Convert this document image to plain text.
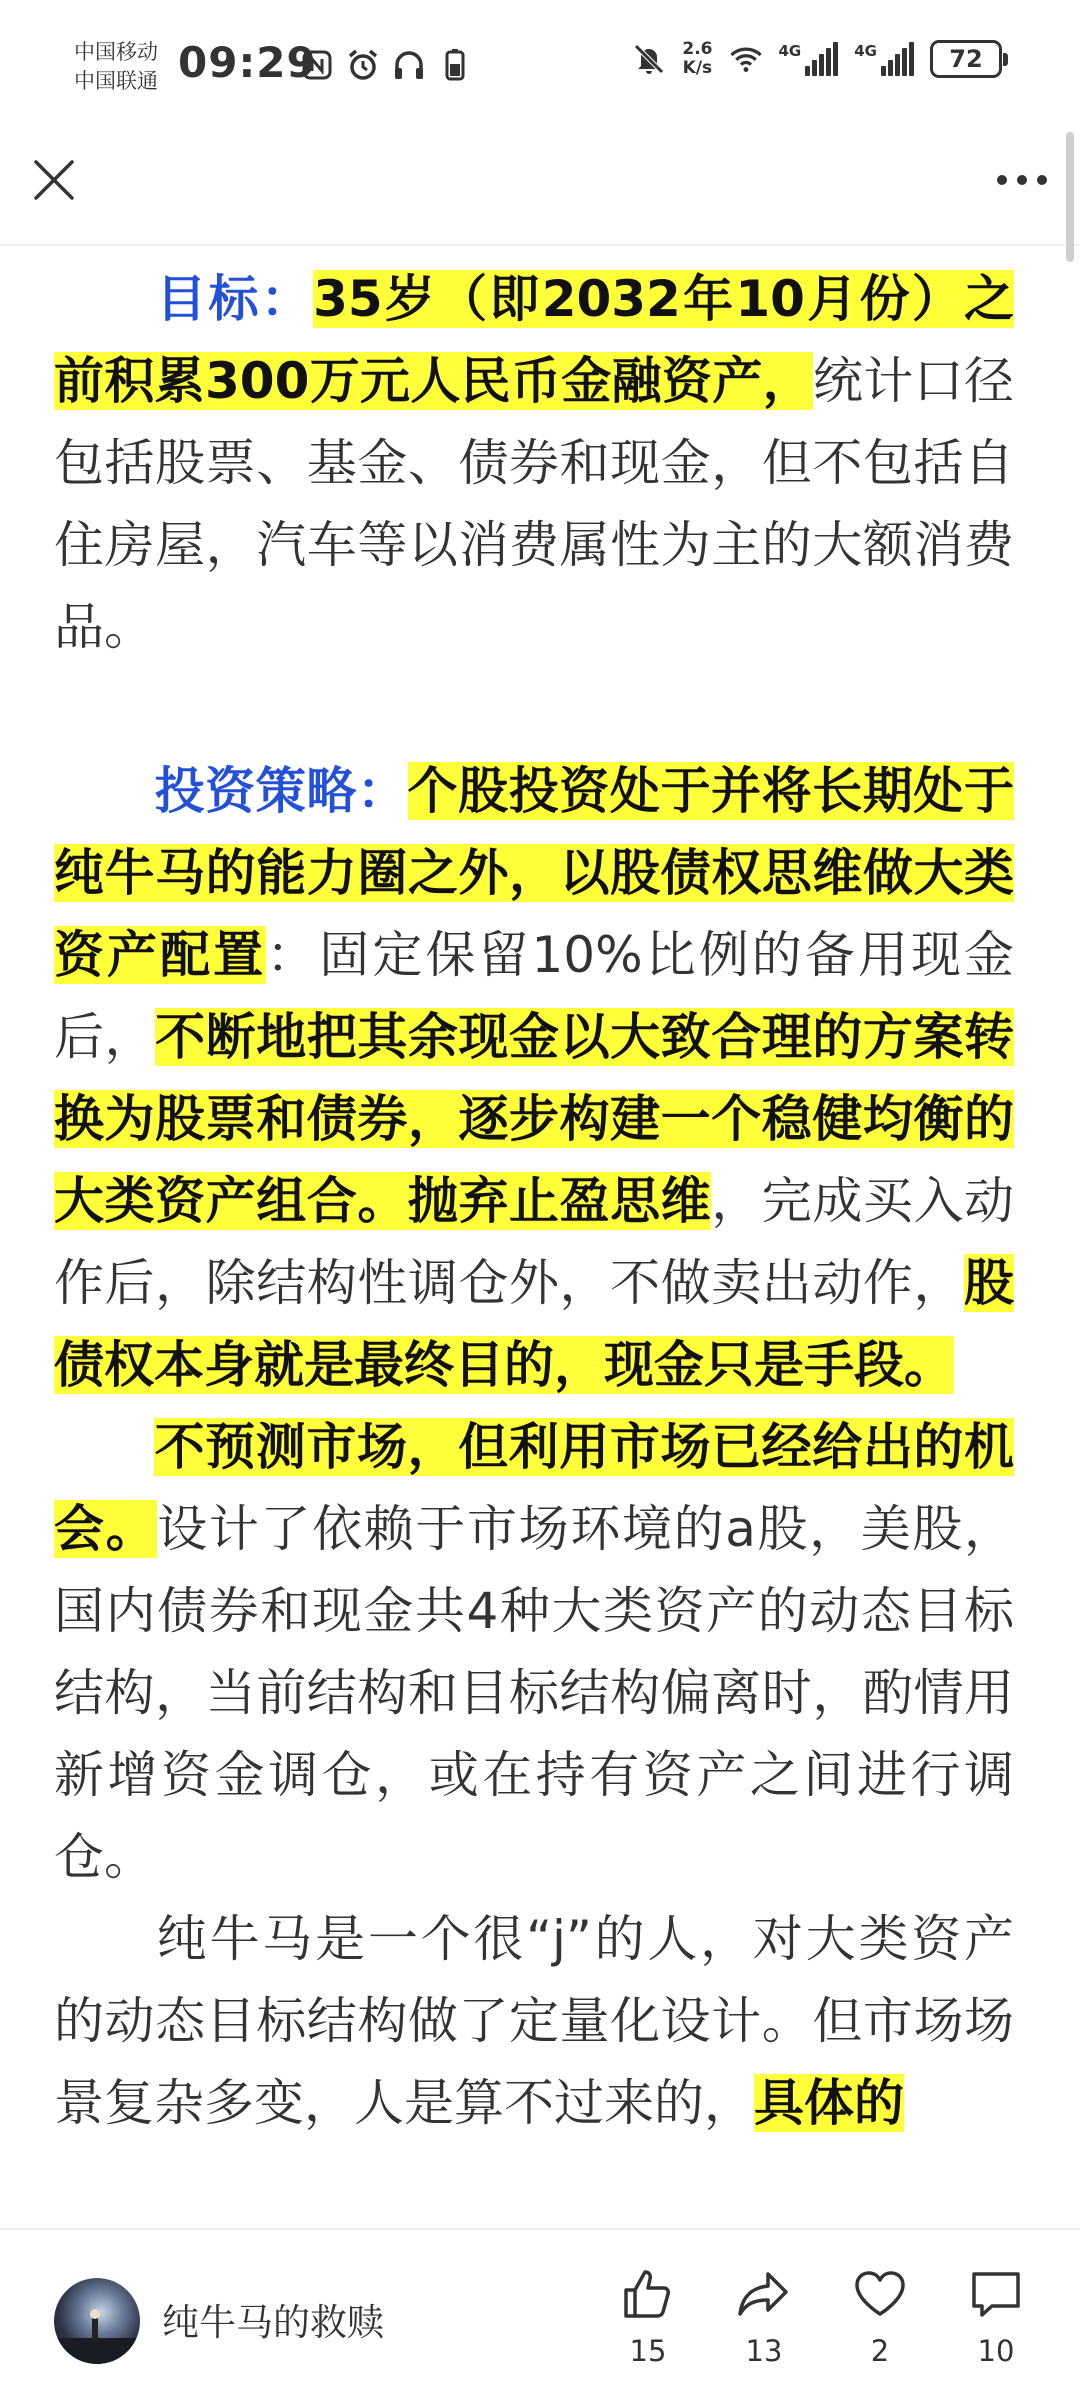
中国移动
中国联通 09:29	2.6
K/s
4G	4G	72

目标：35岁（即2032年10月份）之前积累300万元人民币金融资产，统计口径包括股票、基金、债券和现金，但不包括自住房屋，汽车等以消费属性为主的大额消费品。

投资策略：个股投资处于并将长期处于纯牛马的能力圈之外，以股债权思维做大类资产配置：固定保留10%比例的备用现金后，不断地把其余现金以大致合理的方案转换为股票和债券，逐步构建一个稳健均衡的大类资产组合。抛弃止盈思维，完成买入动作后，除结构性调仓外，不做卖出动作，股债权本身就是最终目的，现金只是手段。

不预测市场，但利用市场已经给出的机会。设计了依赖于市场环境的a股，美股，国内债券和现金共4种大类资产的动态目标结构，当前结构和目标结构偏离时，酌情用新增资金调仓，或在持有资产之间进行调仓。

纯牛马是一个很“j”的人，对大类资产的动态目标结构做了定量化设计。但市场场景复杂多变，人是算不过来的，具体的

纯牛马的救赎
15	13	2	10
